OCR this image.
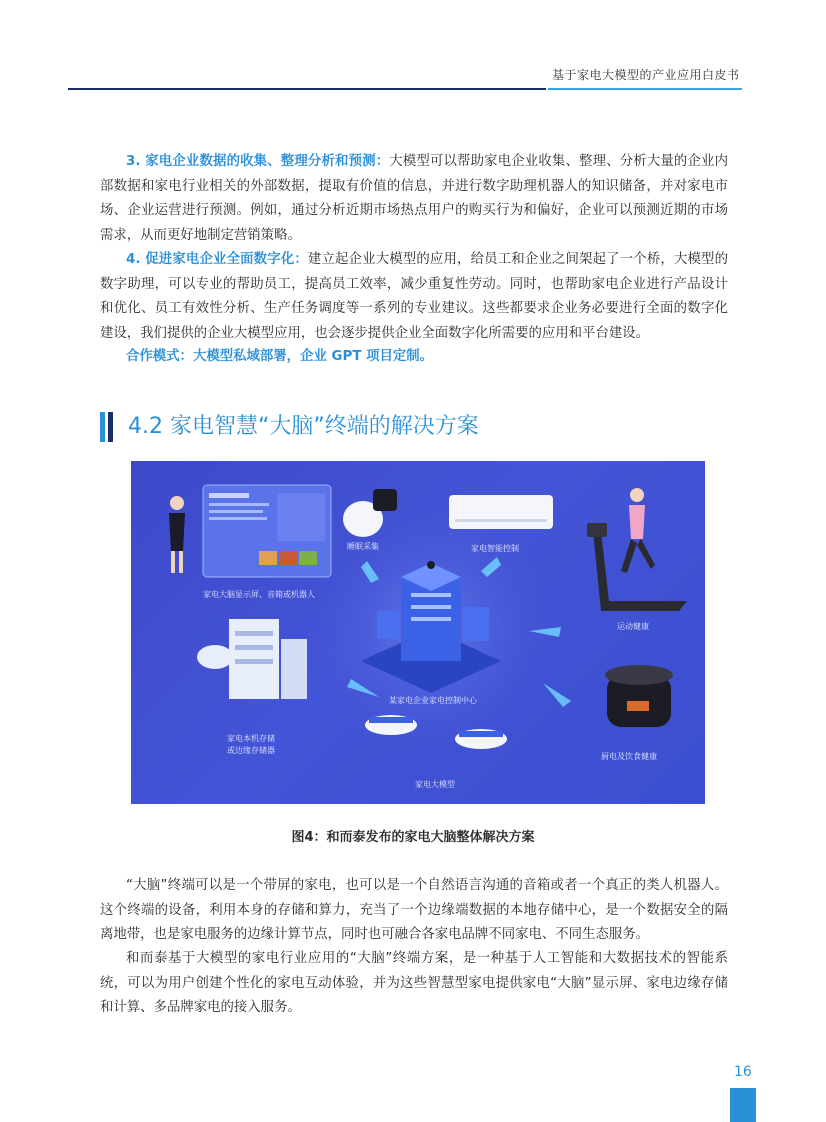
基于家电大模型的产业应用白皮书

3. 家电企业数据的收集、整理分析和预测：大模型可以帮助家电企业收集、整理、分析大量的企业内部数据和家电行业相关的外部数据，提取有价值的信息，并进行数字助理机器人的知识储备，并对家电市场、企业运营进行预测。例如，通过分析近期市场热点用户的购买行为和偏好，企业可以预测近期的市场需求，从而更好地制定营销策略。

4. 促进家电企业全面数字化：建立起企业大模型的应用，给员工和企业之间架起了一个桥，大模型的数字助理，可以专业的帮助员工，提高员工效率，减少重复性劳动。同时，也帮助家电企业进行产品设计和优化、员工有效性分析、生产任务调度等一系列的专业建议。这些都要求企业务必要进行全面的数字化建设，我们提供的企业大模型应用，也会逐步提供企业全面数字化所需要的应用和平台建设。

合作模式：大模型私域部署，企业 GPT 项目定制。

4.2 家电智慧“大脑”终端的解决方案
家电大脑显示屏、音箱或机器人
睡眠采集	家电智能控制
运动健康
某家电企业家电控制中心
家电本机存储
或边缘存储器
厨电及饮食健康
家电大模型
图4：和而泰发布的家电大脑整体解决方案

“大脑”终端可以是一个带屏的家电，也可以是一个自然语言沟通的音箱或者一个真正的类人机器人。这个终端的设备，利用本身的存储和算力，充当了一个边缘端数据的本地存储中心，是一个数据安全的隔离地带，也是家电服务的边缘计算节点，同时也可融合各家电品牌不同家电、不同生态服务。

和而泰基于大模型的家电行业应用的“大脑”终端方案，是一种基于人工智能和大数据技术的智能系统，可以为用户创建个性化的家电互动体验，并为这些智慧型家电提供家电“大脑”显示屏、家电边缘存储和计算、多品牌家电的接入服务。

16
